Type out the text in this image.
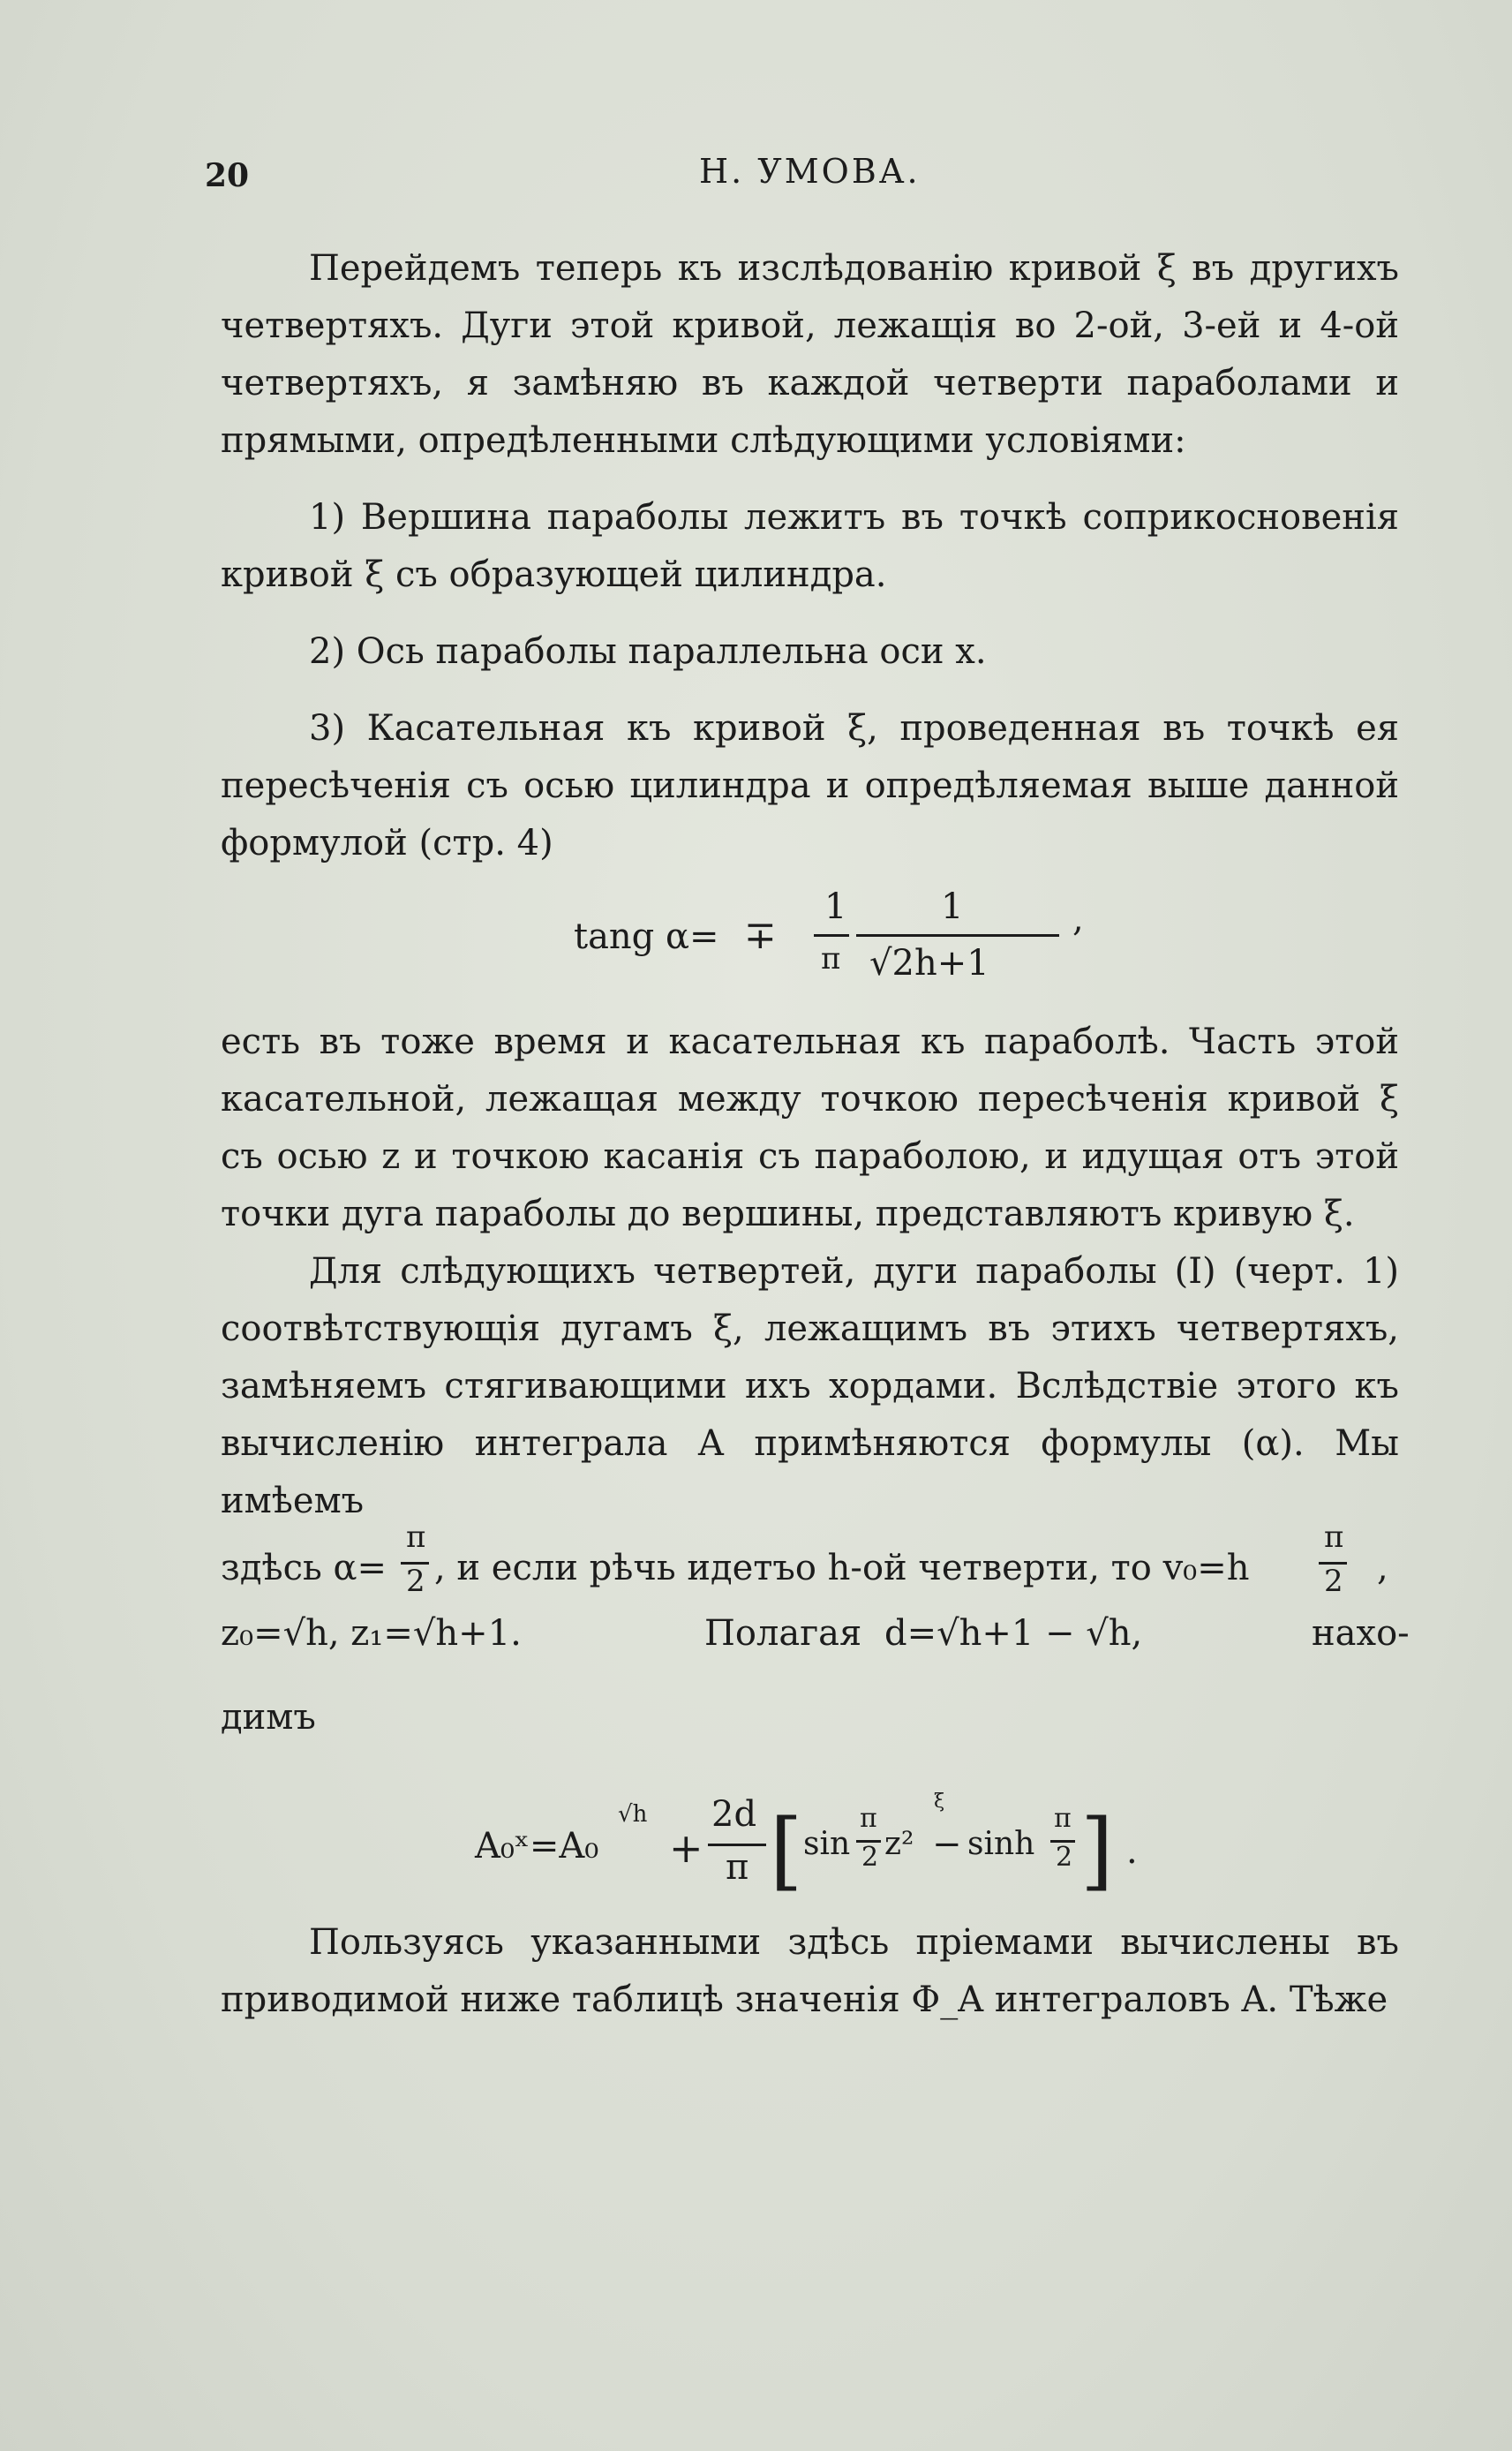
20	Н. УМОВА.

Перейдемъ теперь къ изслѣдованію кривой ξ въ другихъ четвертяхъ. Дуги этой кривой, лежащія во 2-ой, 3-ей и 4-ой четвертяхъ, я замѣняю въ каждой четверти параболами и прямыми, опредѣленными слѣдующими условіями:

1) Вершина параболы лежитъ въ точкѣ соприкосновенія кривой ξ съ образующей цилиндра.

2) Ось параболы параллельна оси x.

3) Касательная къ кривой ξ, проведенная въ точкѣ ея пересѣченія съ осью цилиндра и опредѣляемая выше данной формулой (стр. 4)

tang α= ∓
1
π
1
√2h+1
,

есть въ тоже время и касательная къ параболѣ. Часть этой касательной, лежащая между точкою пересѣченія кривой ξ съ осью z и точкою касанія съ параболою, и идущая отъ этой точки дуга параболы до вершины, представляютъ кривую ξ.

Для слѣдующихъ четвертей, дуги параболы (I) (черт. 1) соотвѣтствующія дугамъ ξ, лежащимъ въ этихъ четвертяхъ, замѣняемъ стягивающими ихъ хордами. Вслѣдствіе этого къ вычисленію интеграла A примѣняются формулы (α). Мы имѣемъ

здѣсь α=
π
2 , и если рѣчь идетъо h-ой четверти, то v₀=h
π
2 ,
z₀=√h, z₁=√h+1.	Полагая d=√h+1 − √h,	нахо-

димъ

A₀ˣ=A₀
√h
+
2d
π [ sin
π
2 z²
ξ
− sinh
π
2 ] .

Пользуясь указанными здѣсь пріемами вычислены въ приводимой ниже таблицѣ значенія Φ_A интеграловъ A. Тѣже
